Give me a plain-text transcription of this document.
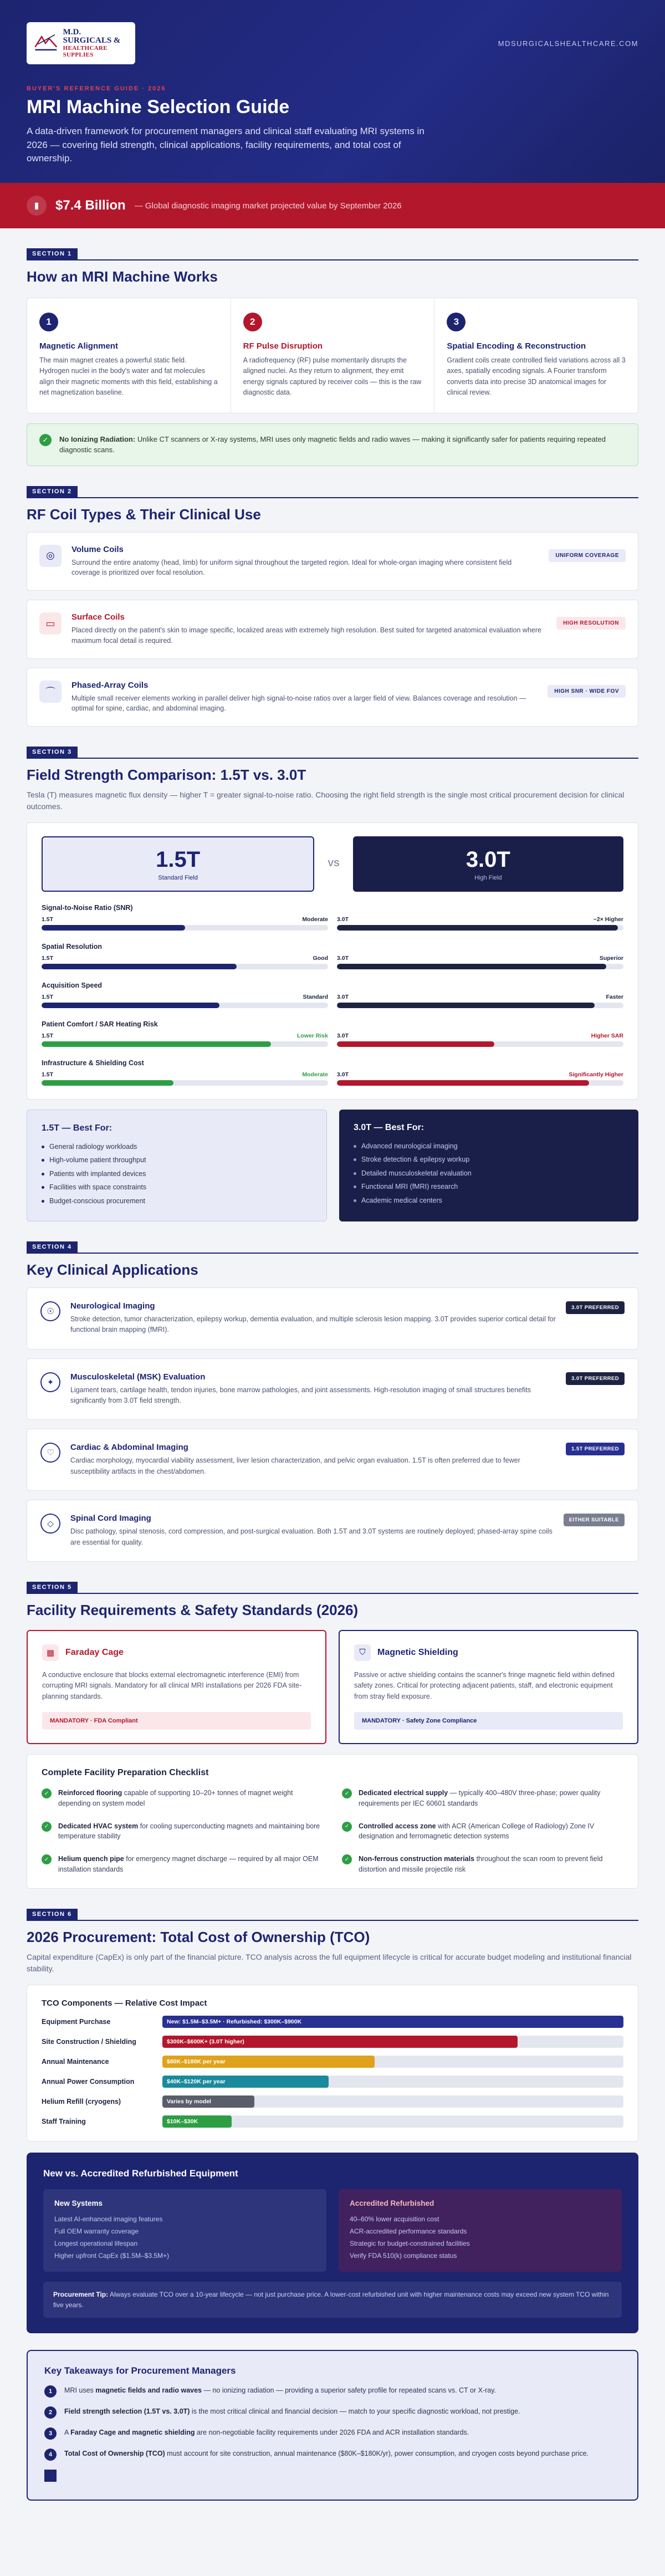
M.D. SURGICALS &
HEALTHCARE SUPPLIES
MDSURGICALSHEALTHCARE.COM
BUYER'S REFERENCE GUIDE · 2026
MRI Machine Selection Guide

A data-driven framework for procurement managers and clinical staff evaluating MRI systems in 2026 — covering field strength, clinical applications, facility requirements, and total cost of ownership.

▮	$7.4 Billion — Global diagnostic imaging market projected value by September 2026
SECTION 1
How an MRI Machine Works
1
Magnetic Alignment

The main magnet creates a powerful static field. Hydrogen nuclei in the body's water and fat molecules align their magnetic moments with this field, establishing a net magnetization baseline.

2
RF Pulse Disruption

A radiofrequency (RF) pulse momentarily disrupts the aligned nuclei. As they return to alignment, they emit energy signals captured by receiver coils — this is the raw diagnostic data.

3
Spatial Encoding & Reconstruction

Gradient coils create controlled field variations across all 3 axes, spatially encoding signals. A Fourier transform converts data into precise 3D anatomical images for clinical review.

✓	No Ionizing Radiation: Unlike CT scanners or X-ray systems, MRI uses only magnetic fields and radio waves — making it significantly safer for patients requiring repeated diagnostic scans.
SECTION 2
RF Coil Types & Their Clinical Use
◎
Volume Coils

Surround the entire anatomy (head, limb) for uniform signal throughout the targeted region. Ideal for whole-organ imaging where consistent field coverage is prioritized over focal resolution.

UNIFORM COVERAGE
▭
Surface Coils

Placed directly on the patient's skin to image specific, localized areas with extremely high resolution. Best suited for targeted anatomical evaluation where maximum focal detail is required.

HIGH RESOLUTION
⌒
Phased-Array Coils

Multiple small receiver elements working in parallel deliver high signal-to-noise ratios over a larger field of view. Balances coverage and resolution — optimal for spine, cardiac, and abdominal imaging.

HIGH SNR · WIDE FOV
SECTION 3
Field Strength Comparison: 1.5T vs. 3.0T

Tesla (T) measures magnetic flux density — higher T = greater signal-to-noise ratio. Choosing the right field strength is the single most critical procurement decision for clinical outcomes.

1.5T
Standard Field
VS	3.0T
High Field
Signal-to-Noise Ratio (SNR)
1.5T	Moderate 3.0T	~2× Higher
Spatial Resolution
1.5T	Good 3.0T	Superior
Acquisition Speed
1.5T	Standard 3.0T	Faster
Patient Comfort / SAR Heating Risk
1.5T	Lower Risk 3.0T	Higher SAR
Infrastructure & Shielding Cost
1.5T	Moderate 3.0T	Significantly Higher
1.5T — Best For:
General radiology workloads
High-volume patient throughput
Patients with implanted devices
Facilities with space constraints
Budget-conscious procurement
3.0T — Best For:
Advanced neurological imaging
Stroke detection & epilepsy workup
Detailed musculoskeletal evaluation
Functional MRI (fMRI) research
Academic medical centers
SECTION 4
Key Clinical Applications
☉
Neurological Imaging

Stroke detection, tumor characterization, epilepsy workup, dementia evaluation, and multiple sclerosis lesion mapping. 3.0T provides superior cortical detail for functional brain mapping (fMRI).

3.0T PREFERRED
✦
Musculoskeletal (MSK) Evaluation

Ligament tears, cartilage health, tendon injuries, bone marrow pathologies, and joint assessments. High-resolution imaging of small structures benefits significantly from 3.0T field strength.

3.0T PREFERRED
♡
Cardiac & Abdominal Imaging

Cardiac morphology, myocardial viability assessment, liver lesion characterization, and pelvic organ evaluation. 1.5T is often preferred due to fewer susceptibility artifacts in the chest/abdomen.

1.5T PREFERRED
◇
Spinal Cord Imaging

Disc pathology, spinal stenosis, cord compression, and post-surgical evaluation. Both 1.5T and 3.0T systems are routinely deployed; phased-array spine coils are essential for quality.

EITHER SUITABLE
SECTION 5
Facility Requirements & Safety Standards (2026)
▦	Faraday Cage

A conductive enclosure that blocks external electromagnetic interference (EMI) from corrupting MRI signals. Mandatory for all clinical MRI installations per 2026 FDA site-planning standards.

MANDATORY · FDA Compliant
⛉	Magnetic Shielding

Passive or active shielding contains the scanner's fringe magnetic field within defined safety zones. Critical for protecting adjacent patients, staff, and electronic equipment from stray field exposure.

MANDATORY · Safety Zone Compliance
Complete Facility Preparation Checklist
✓	Reinforced flooring capable of supporting 10–20+ tonnes of magnet weight depending on system model
✓	Dedicated electrical supply — typically 400–480V three-phase; power quality requirements per IEC 60601 standards
✓	Dedicated HVAC system for cooling superconducting magnets and maintaining bore temperature stability
✓	Controlled access zone with ACR (American College of Radiology) Zone IV designation and ferromagnetic detection systems
✓	Helium quench pipe for emergency magnet discharge — required by all major OEM installation standards
✓	Non-ferrous construction materials throughout the scan room to prevent field distortion and missile projectile risk
SECTION 6
2026 Procurement: Total Cost of Ownership (TCO)

Capital expenditure (CapEx) is only part of the financial picture. TCO analysis across the full equipment lifecycle is critical for accurate budget modeling and institutional financial stability.

TCO Components — Relative Cost Impact
Equipment Purchase	New: $1.5M–$3.5M+ · Refurbished: $300K–$900K
Site Construction / Shielding	$300K–$600K+ (3.0T higher)
Annual Maintenance	$80K–$180K per year
Annual Power Consumption	$40K–$120K per year
Helium Refill (cryogens)	Varies by model
Staff Training	$10K–$30K
New vs. Accredited Refurbished Equipment
New Systems
Latest AI-enhanced imaging features
Full OEM warranty coverage
Longest operational lifespan
Higher upfront CapEx ($1.5M–$3.5M+)
Accredited Refurbished
40–60% lower acquisition cost
ACR-accredited performance standards
Strategic for budget-constrained facilities
Verify FDA 510(k) compliance status
Procurement Tip: Always evaluate TCO over a 10-year lifecycle — not just purchase price. A lower-cost refurbished unit with higher maintenance costs may exceed new system TCO within five years.
Key Takeaways for Procurement Managers
1	MRI uses magnetic fields and radio waves — no ionizing radiation — providing a superior safety profile for repeated scans vs. CT or X-ray.
2	Field strength selection (1.5T vs. 3.0T) is the most critical clinical and financial decision — match to your specific diagnostic workload, not prestige.
3	A Faraday Cage and magnetic shielding are non-negotiable facility requirements under 2026 FDA and ACR installation standards.
4	Total Cost of Ownership (TCO) must account for site construction, annual maintenance ($80K–$180K/yr), power consumption, and cryogen costs beyond purchase price.
